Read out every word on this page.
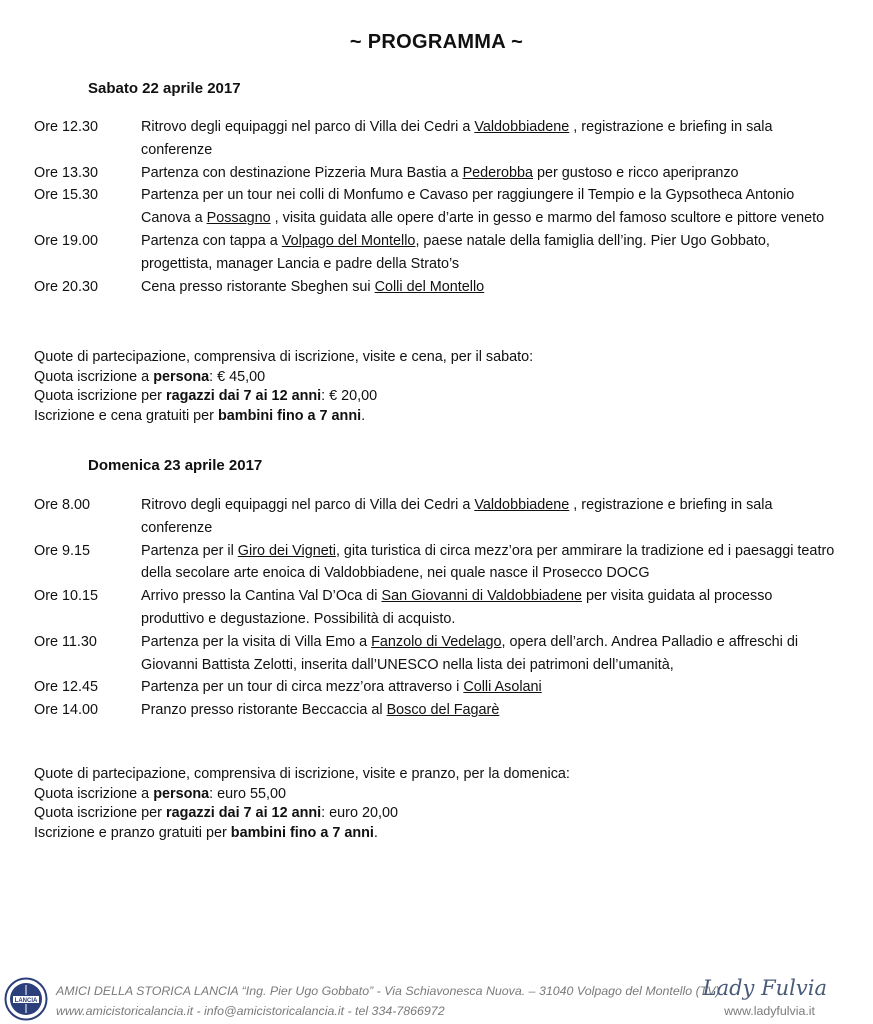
~ PROGRAMMA ~
Sabato 22 aprile 2017
Ore 12.30	Ritrovo degli equipaggi nel parco di Villa dei Cedri a Valdobbiadene , registrazione e briefing in sala conferenze
Ore 13.30	Partenza con destinazione Pizzeria Mura Bastia a Pederobba per gustoso e ricco aperipranzo
Ore 15.30	Partenza per un tour nei colli di Monfumo e Cavaso per raggiungere il Tempio e la Gypsotheca Antonio Canova a Possagno , visita guidata alle opere d’arte in gesso e marmo del famoso scultore e pittore veneto
Ore 19.00	Partenza con tappa a Volpago del Montello, paese natale della famiglia dell’ing. Pier Ugo Gobbato, progettista, manager Lancia e padre della Strato’s
Ore 20.30	Cena presso ristorante Sbeghen sui Colli del Montello
Quote di partecipazione, comprensiva di iscrizione, visite e cena, per il sabato:
Quota iscrizione a persona: € 45,00
Quota iscrizione per ragazzi dai 7 ai 12 anni: € 20,00
Iscrizione e cena gratuiti per bambini fino a 7 anni.
Domenica 23 aprile 2017
Ore 8.00	Ritrovo degli equipaggi nel parco di Villa dei Cedri a Valdobbiadene , registrazione e briefing in sala conferenze
Ore 9.15	Partenza per il Giro dei Vigneti, gita turistica di circa mezz’ora per ammirare la tradizione ed i paesaggi teatro della secolare arte enoica di Valdobbiadene, nei quale nasce il Prosecco DOCG
Ore 10.15	Arrivo presso la Cantina Val D’Oca di San Giovanni di Valdobbiadene per visita guidata al processo produttivo e degustazione. Possibilità di acquisto.
Ore 11.30	Partenza per la visita di Villa Emo a Fanzolo di Vedelago, opera dell’arch. Andrea Palladio e affreschi di Giovanni Battista Zelotti, inserita dall’UNESCO nella lista dei patrimoni dell’umanità,
Ore 12.45	Partenza per un tour di circa mezz’ora attraverso i Colli Asolani
Ore 14.00	Pranzo presso ristorante Beccaccia al Bosco del Fagarè
Quote di partecipazione, comprensiva di iscrizione, visite e pranzo, per la domenica:
Quota iscrizione a persona: euro 55,00
Quota iscrizione per ragazzi dai 7 ai 12 anni: euro 20,00
Iscrizione e pranzo gratuiti per bambini fino a 7 anni.
LANCIA
AMICI DELLA STORICA LANCIA “Ing. Pier Ugo Gobbato” - Via Schiavonesca Nuova. – 31040 Volpago del Montello (TV)
www.amicistoricalancia.it - info@amicistoricalancia.it - tel 334-7866972
Lady Fulvia
www.ladyfulvia.it
